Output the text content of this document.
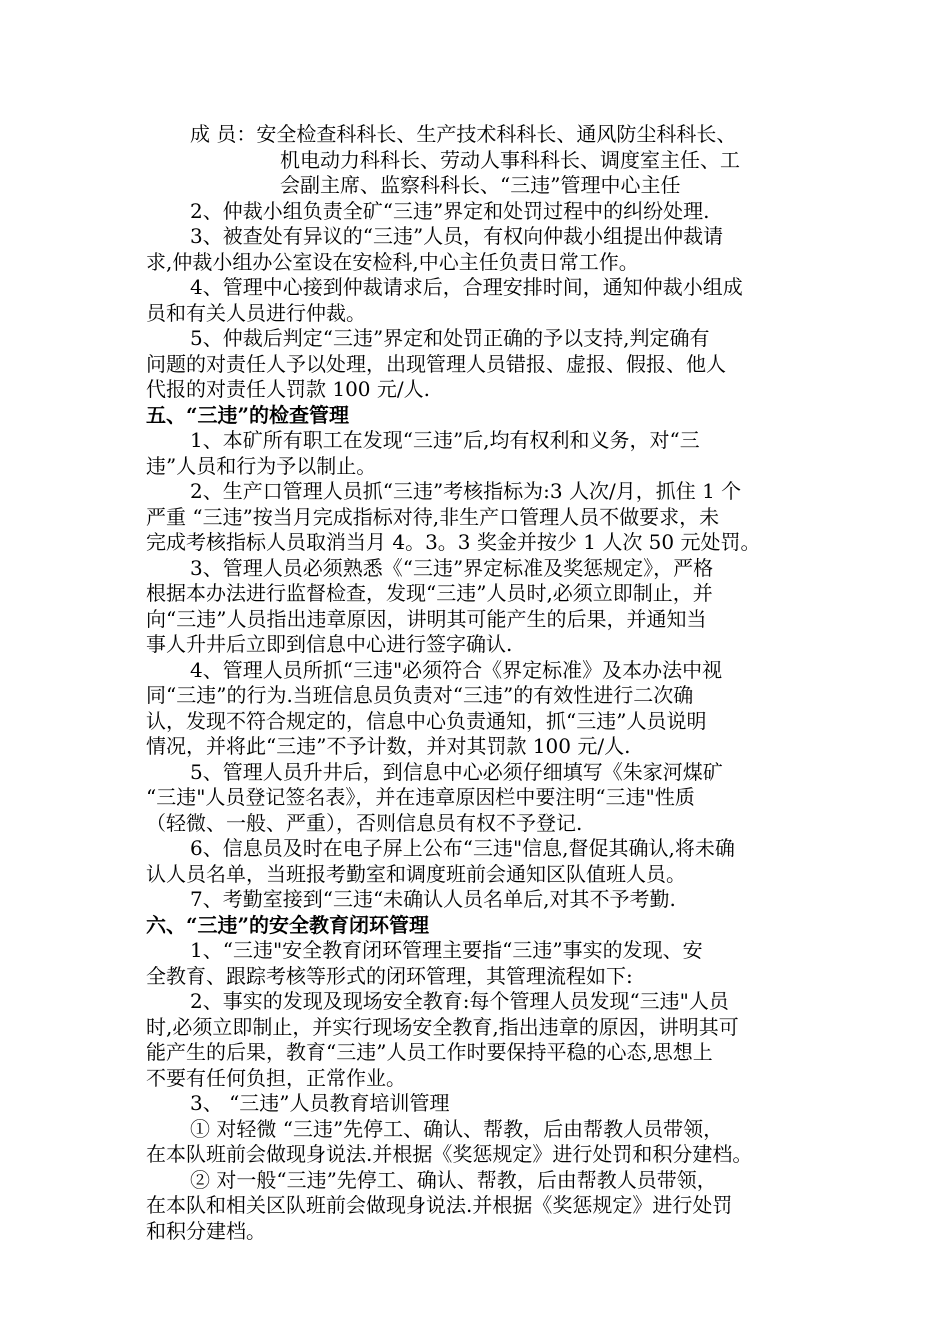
成 员：安全检查科科长、生产技术科科长、通风防尘科科长、
机电动力科科长、劳动人事科科长、调度室主任、工
会副主席、监察科科长、“三违”管理中心主任
2、仲裁小组负责全矿“三违”界定和处罚过程中的纠纷处理.
3、被查处有异议的“三违”人员，有权向仲裁小组提出仲裁请
求,仲裁小组办公室设在安检科,中心主任负责日常工作。
4、管理中心接到仲裁请求后，合理安排时间，通知仲裁小组成
员和有关人员进行仲裁。
5、仲裁后判定“三违”界定和处罚正确的予以支持,判定确有
问题的对责任人予以处理，出现管理人员错报、虚报、假报、他人
代报的对责任人罚款 100 元/人.
五、“三违”的检查管理
1、本矿所有职工在发现“三违”后,均有权利和义务，对“三
违”人员和行为予以制止。
2、生产口管理人员抓“三违”考核指标为:3 人次/月，抓住 1 个
严重 “三违”按当月完成指标对待,非生产口管理人员不做要求，未
完成考核指标人员取消当月 4。3。3 奖金并按少 1 人次 50 元处罚。
3、管理人员必须熟悉《“三违”界定标准及奖惩规定》，严格
根据本办法进行监督检查，发现“三违”人员时,必须立即制止，并
向“三违”人员指出违章原因，讲明其可能产生的后果，并通知当
事人升井后立即到信息中心进行签字确认.
4、管理人员所抓“三违"必须符合《界定标准》及本办法中视
同“三违”的行为.当班信息员负责对“三违”的有效性进行二次确
认，发现不符合规定的，信息中心负责通知，抓“三违”人员说明
情况，并将此“三违”不予计数，并对其罚款 100 元/人.
5、管理人员升井后，到信息中心必须仔细填写《朱家河煤矿
“三违"人员登记签名表》，并在违章原因栏中要注明“三违"性质
（轻微、一般、严重），否则信息员有权不予登记.
6、信息员及时在电子屏上公布“三违"信息,督促其确认,将未确
认人员名单，当班报考勤室和调度班前会通知区队值班人员。
7、考勤室接到“三违“未确认人员名单后,对其不予考勤.
六、“三违”的安全教育闭环管理
1、“三违"安全教育闭环管理主要指“三违”事实的发现、安
全教育、跟踪考核等形式的闭环管理，其管理流程如下:
2、事实的发现及现场安全教育:每个管理人员发现“三违"人员
时,必须立即制止，并实行现场安全教育,指出违章的原因，讲明其可
能产生的后果，教育“三违”人员工作时要保持平稳的心态,思想上
不要有任何负担，正常作业。
3、 “三违”人员教育培训管理
① 对轻微 “三违”先停工、确认、帮教，后由帮教人员带领，
在本队班前会做现身说法.并根据《奖惩规定》进行处罚和积分建档。
② 对一般“三违”先停工、确认、帮教，后由帮教人员带领，
在本队和相关区队班前会做现身说法.并根据《奖惩规定》进行处罚
和积分建档。
